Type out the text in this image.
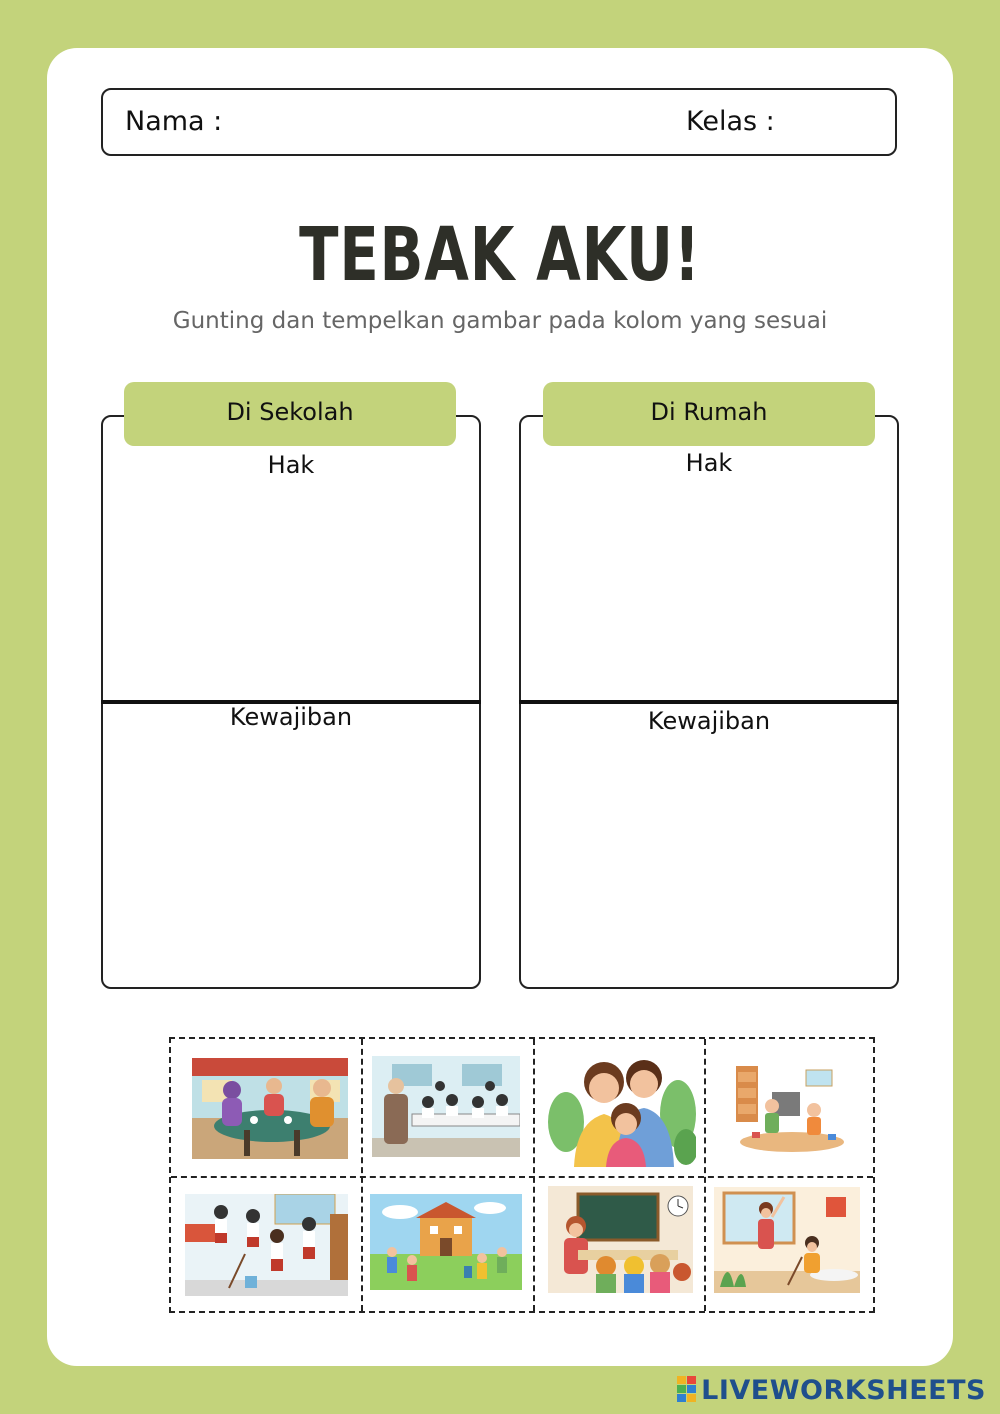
Nama :	Kelas :
TEBAK AKU!
Gunting dan tempelkan gambar pada kolom yang sesuai
Hak
Kewajiban
Di Sekolah
Hak
Kewajiban
Di Rumah
LIVEWORKSHEETS
